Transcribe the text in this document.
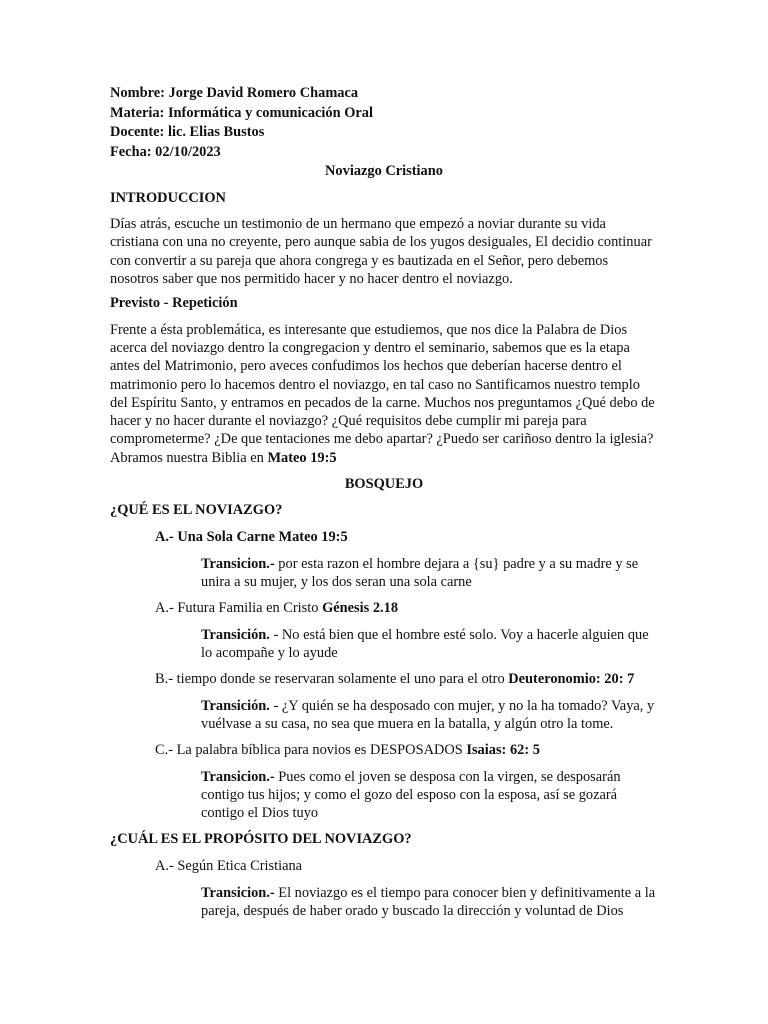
Nombre: Jorge David Romero Chamaca
Materia: Informática y comunicación Oral
Docente: lic. Elias Bustos
Fecha: 02/10/2023
Noviazgo Cristiano
INTRODUCCION
Días atrás, escuche un testimonio de un hermano que empezó a noviar durante su vida cristiana con una no creyente, pero aunque sabia de los yugos desiguales, El decidio continuar con convertir a su pareja que ahora congrega y es bautizada en el Señor, pero debemos nosotros saber que nos permitido hacer y no hacer dentro el noviazgo.
Previsto - Repetición
Frente a ésta problemática, es interesante que estudiemos, que nos dice la Palabra de Dios acerca del noviazgo dentro la congregacion y dentro el seminario, sabemos que es la etapa antes del Matrimonio, pero aveces confudimos los hechos que deberían hacerse dentro el matrimonio pero lo hacemos dentro el noviazgo, en tal caso no Santificamos nuestro templo del Espíritu Santo, y entramos en pecados de la carne. Muchos nos preguntamos ¿Qué debo de hacer y no hacer durante el noviazgo? ¿Qué requisitos debe cumplir mi pareja para comprometerme? ¿De que tentaciones me debo apartar? ¿Puedo ser cariñoso dentro la iglesia? Abramos nuestra Biblia en Mateo 19:5
BOSQUEJO
¿QUÉ ES EL NOVIAZGO?
A.- Una Sola Carne Mateo 19:5
Transicion.- por esta razon el hombre dejara a {su} padre y a su madre y se unira a su mujer, y los dos seran una sola carne
A.- Futura Familia en Cristo Génesis 2.18
Transición. - No está bien que el hombre esté solo. Voy a hacerle alguien que lo acompañe y lo ayude
B.- tiempo donde se reservaran solamente el uno para el otro Deuteronomio: 20: 7
Transición. - ¿Y quién se ha desposado con mujer, y no la ha tomado? Vaya, y vuélvase a su casa, no sea que muera en la batalla, y algún otro la tome.
C.- La palabra bíblica para novios es DESPOSADOS Isaias: 62: 5
Transicion.- Pues como el joven se desposa con la virgen, se desposarán contigo tus hijos; y como el gozo del esposo con la esposa, así se gozará contigo el Dios tuyo
¿CUÁL ES EL PROPÓSITO DEL NOVIAZGO?
A.- Según Etica Cristiana
Transicion.- El noviazgo es el tiempo para conocer bien y definitivamente a la pareja, después de haber orado y buscado la dirección y voluntad de Dios
